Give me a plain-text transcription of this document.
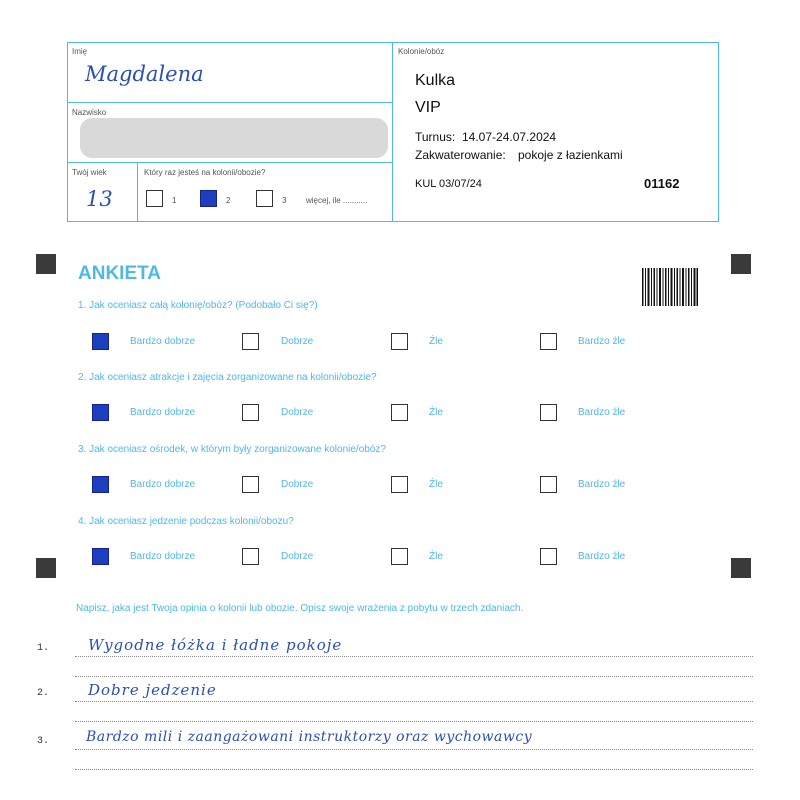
Imię
Magdalena
Nazwisko
Twój wiek
13
Który raz jesteś na kolonii/obozie?
1	2	3 więcej, ile ...........
Kolonie/obóz
Kulka
VIP
Turnus: 14.07-24.07.2024
Zakwaterowanie: pokoje z łazienkami
KUL 03/07/24	01162
ANKIETA
1. Jak oceniasz całą kolonię/obóz? (Podobało Ci się?)
Bardzo dobrze	Dobrze	Źle	Bardzo źle
2. Jak oceniasz atrakcje i zajęcia zorganizowane na kolonii/obozie?
Bardzo dobrze	Dobrze	Źle	Bardzo źle
3. Jak oceniasz ośrodek, w którym były zorganizowane kolonie/obóz?
Bardzo dobrze	Dobrze	Źle	Bardzo źle
4. Jak oceniasz jedzenie podczas kolonii/obozu?
Bardzo dobrze	Dobrze	Źle	Bardzo źle
Napisz, jaka jest Twoja opinia o kolonii lub obozie. Opisz swoje wrażenia z pobytu w trzech zdaniach.
1.	Wygodne łóżka i ładne pokoje
2.	Dobre jedzenie
3.	Bardzo mili i zaangażowani instruktorzy oraz wychowawcy
